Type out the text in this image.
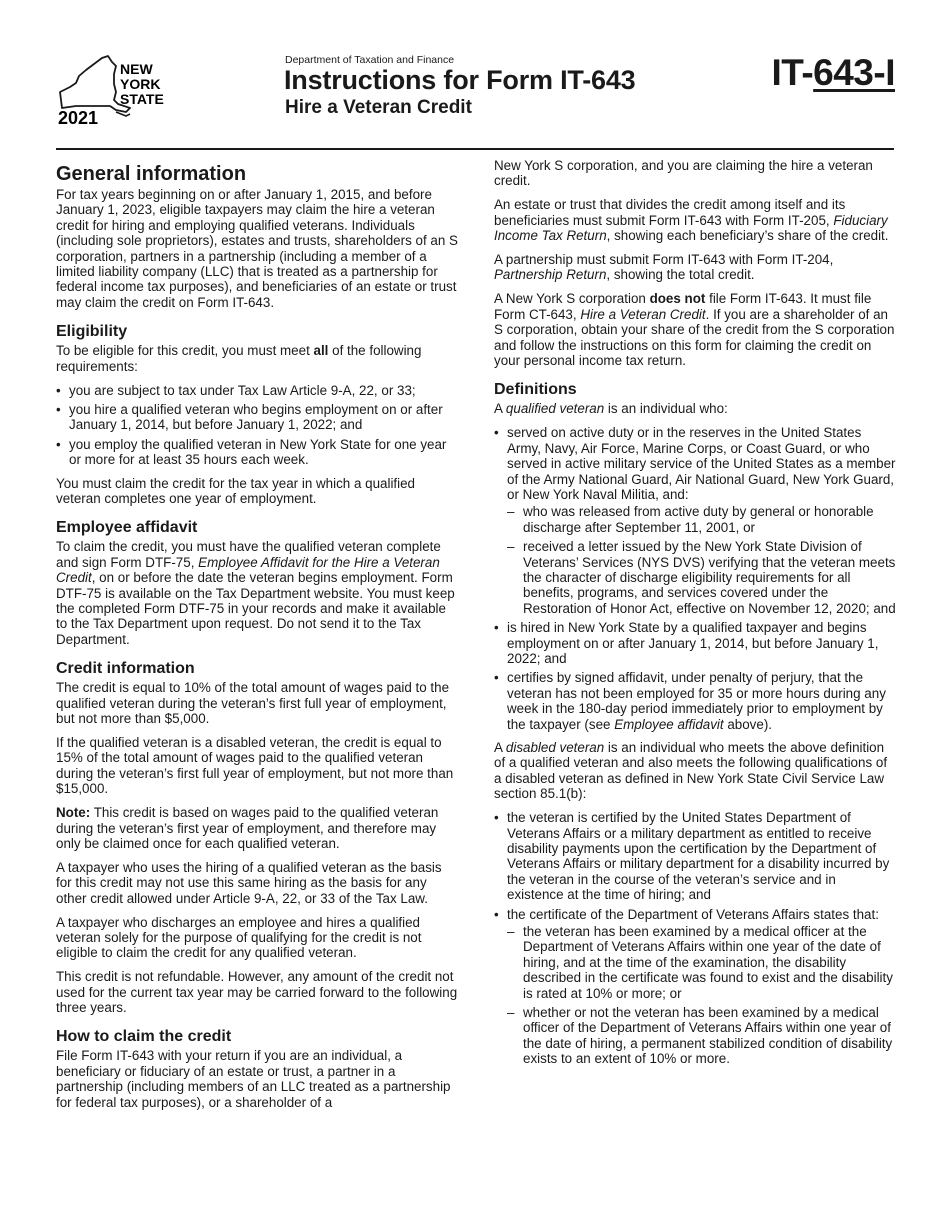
NEW
YORK
STATE
2021
Department of Taxation and Finance
Instructions for Form IT-643
Hire a Veteran Credit
IT-643-I
General information

For tax years beginning on or after January 1, 2015, and before January 1, 2023, eligible taxpayers may claim the hire a veteran credit for hiring and employing qualified veterans. Individuals (including sole proprietors), estates and trusts, shareholders of an S corporation, partners in a partnership (including a member of a limited liability company (LLC) that is treated as a partnership for federal income tax purposes), and beneficiaries of an estate or trust may claim the credit on Form IT-643.

Eligibility

To be eligible for this credit, you must meet all of the following requirements:

• you are subject to tax under Tax Law Article 9-A, 22, or 33;
• you hire a qualified veteran who begins employment on or after January 1, 2014, but before January 1, 2022; and
• you employ the qualified veteran in New York State for one year or more for at least 35 hours each week.

You must claim the credit for the tax year in which a qualified veteran completes one year of employment.

Employee affidavit

To claim the credit, you must have the qualified veteran complete and sign Form DTF-75, Employee Affidavit for the Hire a Veteran Credit, on or before the date the veteran begins employment. Form DTF-75 is available on the Tax Department website. You must keep the completed Form DTF-75 in your records and make it available to the Tax Department upon request. Do not send it to the Tax Department.

Credit information

The credit is equal to 10% of the total amount of wages paid to the qualified veteran during the veteran’s first full year of employment, but not more than $5,000.

If the qualified veteran is a disabled veteran, the credit is equal to 15% of the total amount of wages paid to the qualified veteran during the veteran’s first full year of employment, but not more than $15,000.

Note: This credit is based on wages paid to the qualified veteran during the veteran’s first year of employment, and therefore may only be claimed once for each qualified veteran.

A taxpayer who uses the hiring of a qualified veteran as the basis for this credit may not use this same hiring as the basis for any other credit allowed under Article 9-A, 22, or 33 of the Tax Law.

A taxpayer who discharges an employee and hires a qualified veteran solely for the purpose of qualifying for the credit is not eligible to claim the credit for any qualified veteran.

This credit is not refundable. However, any amount of the credit not used for the current tax year may be carried forward to the following three years.

How to claim the credit

File Form IT-643 with your return if you are an individual, a beneficiary or fiduciary of an estate or trust, a partner in a partnership (including members of an LLC treated as a partnership for federal tax purposes), or a shareholder of a

New York S corporation, and you are claiming the hire a veteran credit.

An estate or trust that divides the credit among itself and its beneficiaries must submit Form IT-643 with Form IT-205, Fiduciary Income Tax Return, showing each beneficiary’s share of the credit.

A partnership must submit Form IT-643 with Form IT-204, Partnership Return, showing the total credit.

A New York S corporation does not file Form IT-643. It must file Form CT-643, Hire a Veteran Credit. If you are a shareholder of an S corporation, obtain your share of the credit from the S corporation and follow the instructions on this form for claiming the credit on your personal income tax return.

Definitions

A qualified veteran is an individual who:

• served on active duty or in the reserves in the United States Army, Navy, Air Force, Marine Corps, or Coast Guard, or who served in active military service of the United States as a member of the Army National Guard, Air National Guard, New York Guard, or New York Naval Militia, and:
– who was released from active duty by general or honorable discharge after September 11, 2001, or
– received a letter issued by the New York State Division of Veterans’ Services (NYS DVS) verifying that the veteran meets the character of discharge eligibility requirements for all benefits, programs, and services covered under the Restoration of Honor Act, effective on November 12, 2020; and
• is hired in New York State by a qualified taxpayer and begins employment on or after January 1, 2014, but before January 1, 2022; and
• certifies by signed affidavit, under penalty of perjury, that the veteran has not been employed for 35 or more hours during any week in the 180-day period immediately prior to employment by the taxpayer (see Employee affidavit above).

A disabled veteran is an individual who meets the above definition of a qualified veteran and also meets the following qualifications of a disabled veteran as defined in New York State Civil Service Law section 85.1(b):

• the veteran is certified by the United States Department of Veterans Affairs or a military department as entitled to receive disability payments upon the certification by the Department of Veterans Affairs or military department for a disability incurred by the veteran in the course of the veteran’s service and in existence at the time of hiring; and
• the certificate of the Department of Veterans Affairs states that:
– the veteran has been examined by a medical officer at the Department of Veterans Affairs within one year of the date of hiring, and at the time of the examination, the disability described in the certificate was found to exist and the disability is rated at 10% or more; or
– whether or not the veteran has been examined by a medical officer of the Department of Veterans Affairs within one year of the date of hiring, a permanent stabilized condition of disability exists to an extent of 10% or more.
